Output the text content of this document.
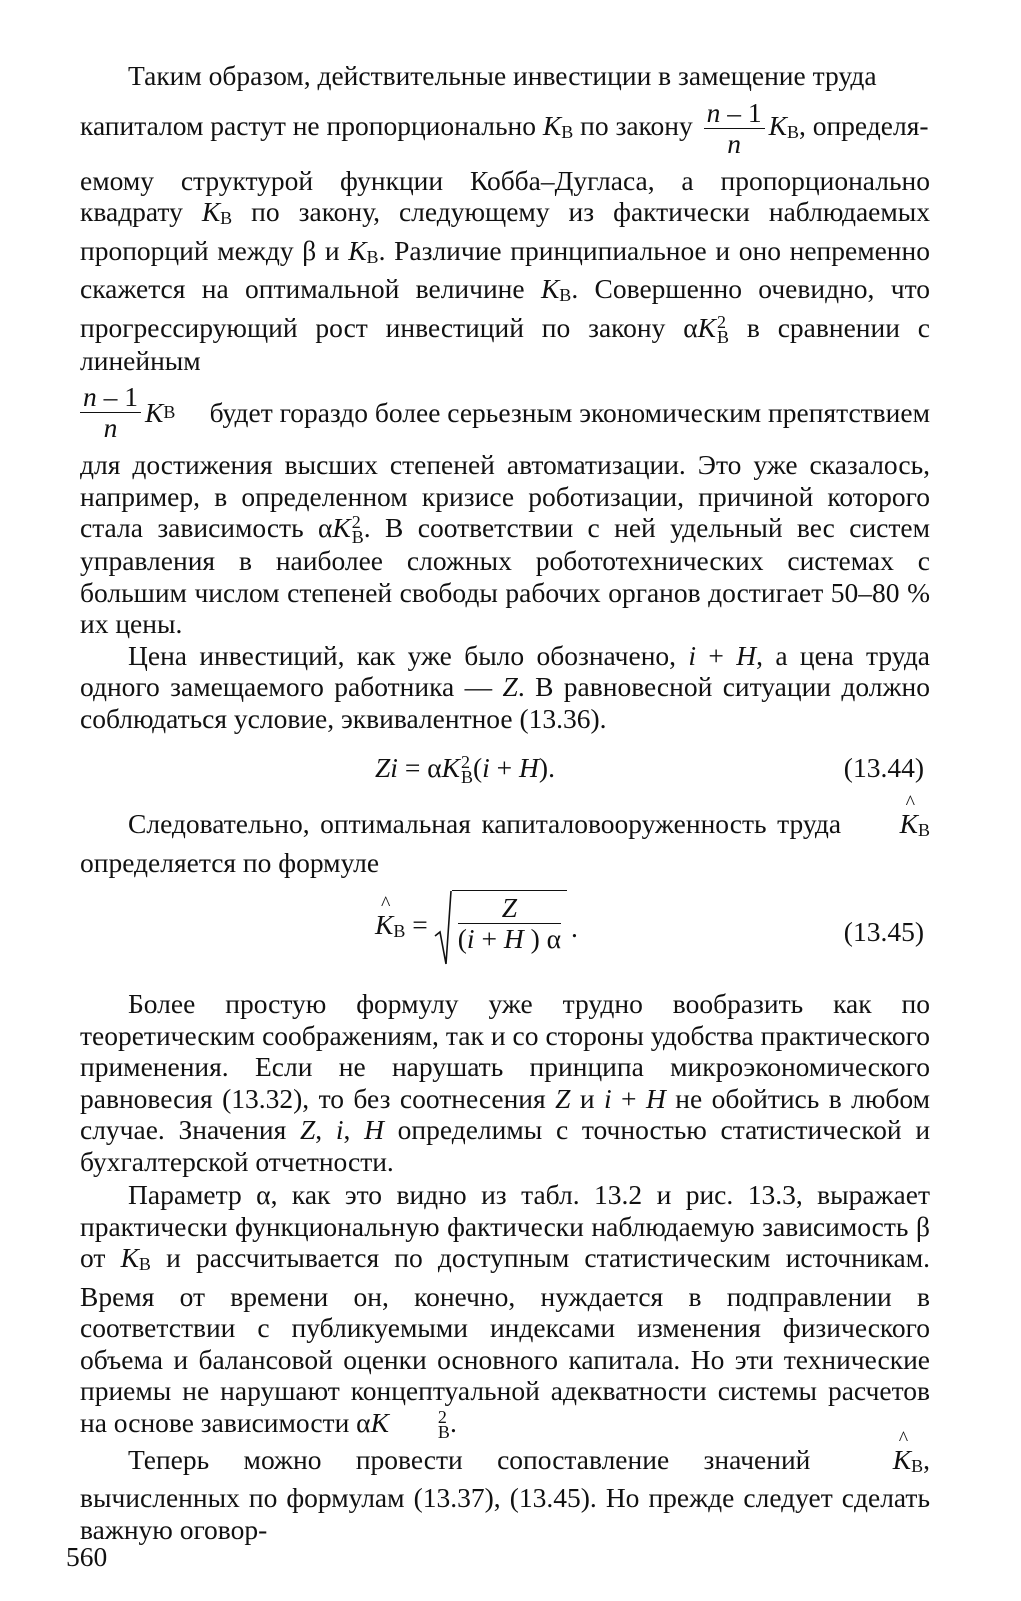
Таким образом, действительные инвестиции в замещение труда

капиталом растут не пропорционально $K_В$ по закону $\frac{n - 1}{n} K_В$, определя-

емому структурой функции Кобба–Дугласа, а пропорционально квадрату $K_В$ по закону, следующему из фактически наблюдаемых пропорций между β и $K_В$. Различие принципиальное и оно непременно скажется на оптимальной величине $K_В$. Совершенно очевидно, что прогрессирующий рост инвестиций по закону αK 2
В в сравнении с линейным

$\frac{n - 1}{n}$ K В будет гораздо более серьезным экономическим препятствием

для достижения высших степеней автоматизации. Это уже сказалось, например, в определенном кризисе роботизации, причиной которого стала зависимость αK 2
В . В соответствии с ней удельный вес систем управления в наиболее сложных робототехнических системах с большим числом степеней свободы рабочих органов достигает 50–80 % их цены.

Цена инвестиций, как уже было обозначено, i + H, а цена труда одного замещаемого работника — Z. В равновесной ситуации должно соблюдаться условие, эквивалентное (13.36).

Zi = αK 2
В (i + H).	(13.44)

Следовательно, оптимальная капиталовооруженность труда ^ $K_В$

определяется по формуле

^ $K_В = \frac{Z}{(i + H ) \alpha}$ .	(13.45)

Более простую формулу уже трудно вообразить как по теоретическим соображениям, так и со стороны удобства практического применения. Если не нарушать принципа микроэкономического равновесия (13.32), то без соотнесения Z и i + H не обойтись в любом случае. Значения Z, i, H определимы с точностью статистической и бухгалтерской отчетности.

Параметр α, как это видно из табл. 13.2 и рис. 13.3, выражает практически функциональную фактически наблюдаемую зависимость β от $K_В$ и рассчитывается по доступным статистическим источникам. Время от времени он, конечно, нуждается в подправлении в соответствии с публикуемыми индексами изменения физического объема и балансовой оценки основного капитала. Но эти технические приемы не нарушают концептуальной адекватности системы расчетов на основе зависимости αK	2
В .

Теперь можно провести сопоставление значений	^ $K_В$, вычисленных по формулам (13.37), (13.45). Но прежде следует сделать важную оговор-

560
